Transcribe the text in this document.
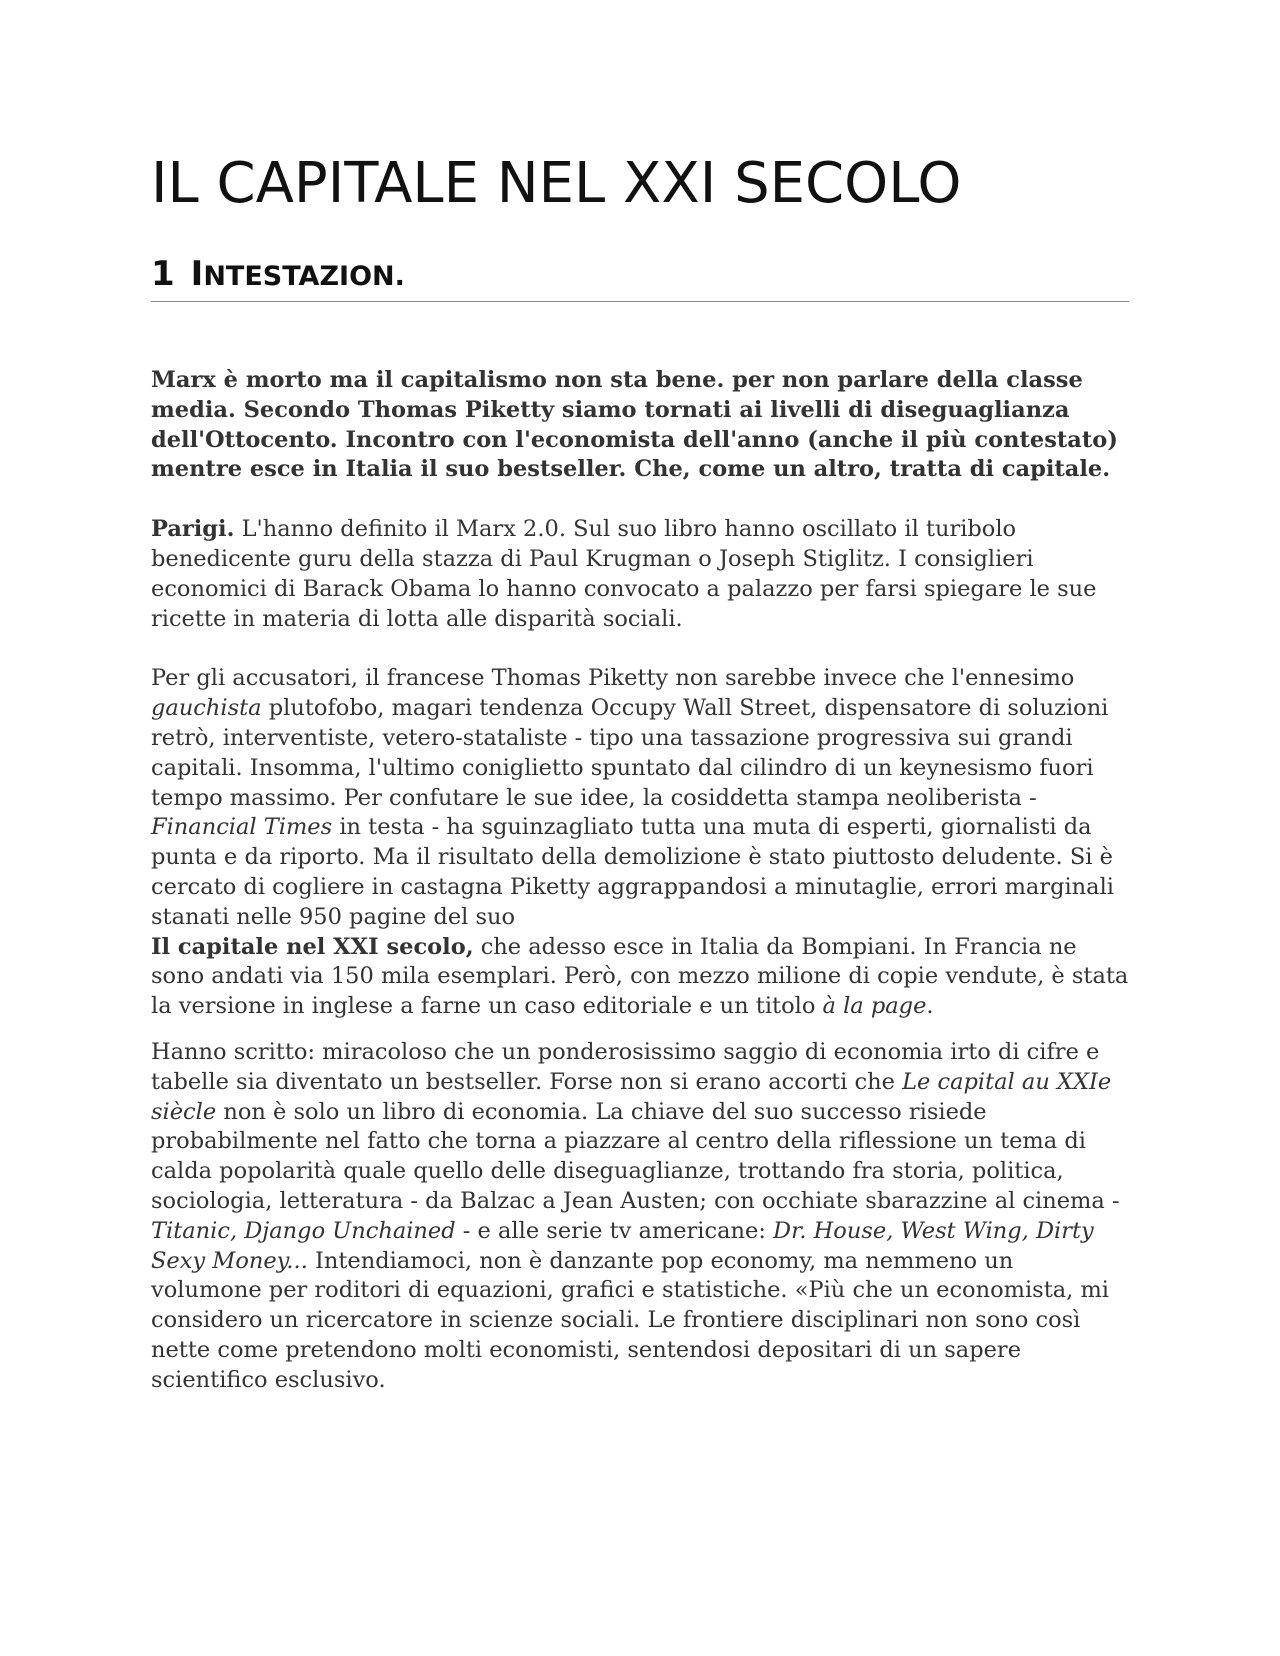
IL CAPITALE NEL XXI SECOLO
1 INTESTAZION.

Marx è morto ma il capitalismo non sta bene. per non parlare della classe media. Secondo Thomas Piketty siamo tornati ai livelli di diseguaglianza dell'Ottocento. Incontro con l'economista dell'anno (anche il più contestato) mentre esce in Italia il suo bestseller. Che, come un altro, tratta di capitale.

Parigi. L'hanno definito il Marx 2.0. Sul suo libro hanno oscillato il turibolo benedicente guru della stazza di Paul Krugman o Joseph Stiglitz. I consiglieri economici di Barack Obama lo hanno convocato a palazzo per farsi spiegare le sue ricette in materia di lotta alle disparità sociali.

Per gli accusatori, il francese Thomas Piketty non sarebbe invece che l'ennesimo gauchista plutofobo, magari tendenza Occupy Wall Street, dispensatore di soluzioni retrò, interventiste, vetero-stataliste - tipo una tassazione progressiva sui grandi capitali. Insomma, l'ultimo coniglietto spuntato dal cilindro di un keynesismo fuori tempo massimo. Per confutare le sue idee, la cosiddetta stampa neoliberista - Financial Times in testa - ha sguinzagliato tutta una muta di esperti, giornalisti da punta e da riporto. Ma il risultato della demolizione è stato piuttosto deludente. Si è cercato di cogliere in castagna Piketty aggrappandosi a minutaglie, errori marginali stanati nelle 950 pagine del suo
Il capitale nel XXI secolo, che adesso esce in Italia da Bompiani. In Francia ne sono andati via 150 mila esemplari. Però, con mezzo milione di copie vendute, è stata la versione in inglese a farne un caso editoriale e un titolo à la page.

Hanno scritto: miracoloso che un ponderosissimo saggio di economia irto di cifre e tabelle sia diventato un bestseller. Forse non si erano accorti che Le capital au XXIe siècle non è solo un libro di economia. La chiave del suo successo risiede probabilmente nel fatto che torna a piazzare al centro della riflessione un tema di calda popolarità quale quello delle diseguaglianze, trottando fra storia, politica, sociologia, letteratura - da Balzac a Jean Austen; con occhiate sbarazzine al cinema - Titanic, Django Unchained - e alle serie tv americane: Dr. House, West Wing, Dirty Sexy Money... Intendiamoci, non è danzante pop economy, ma nemmeno un volumone per roditori di equazioni, grafici e statistiche. «Più che un economista, mi considero un ricercatore in scienze sociali. Le frontiere disciplinari non sono così nette come pretendono molti economisti, sentendosi depositari di un sapere scientifico esclusivo.
